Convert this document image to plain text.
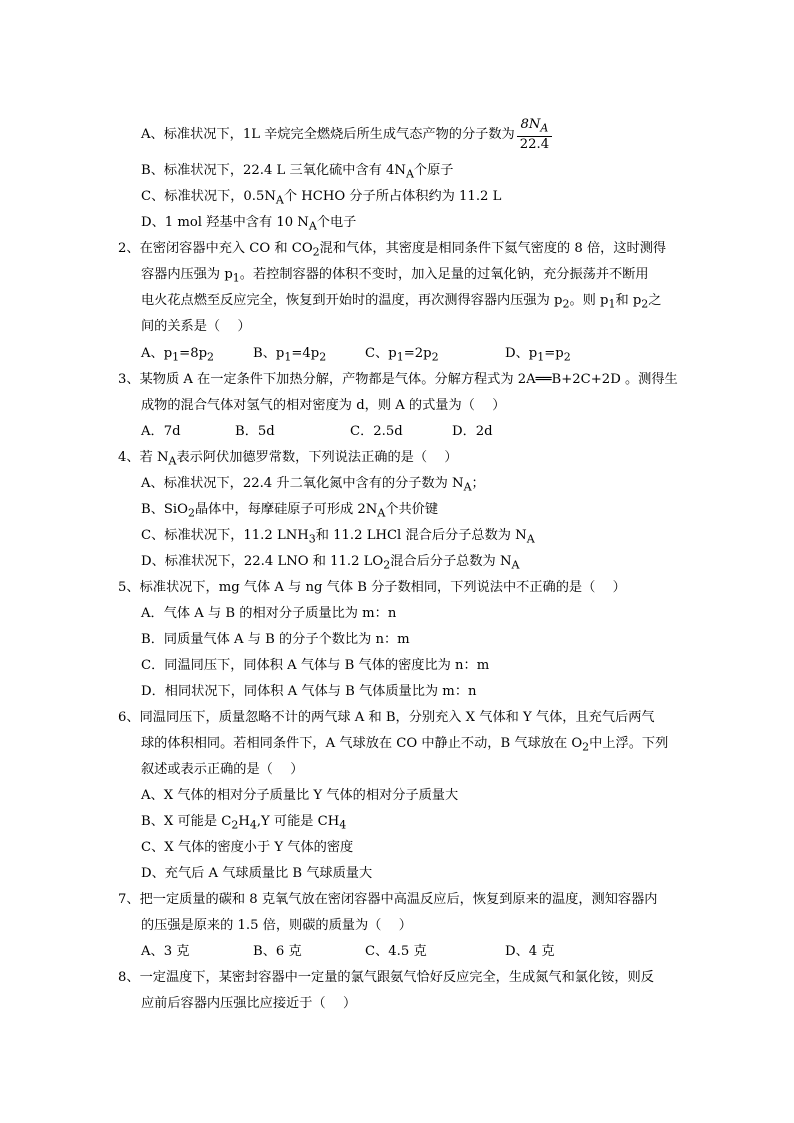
A、标准状况下，1L 辛烷完全燃烧后所生成气态产物的分子数为 $\frac{8N_A}{22.4}$
B、标准状况下，22.4 L 三氧化硫中含有 $4N_A$个原子
C、标准状况下，$0.5N_A$个 HCHO 分子所占体积约为 11.2 L
D、1 mol 羟基中含有 10 $N_A$个电子
2、在密闭容器中充入 CO 和 $CO_2$混和气体，其密度是相同条件下氦气密度的 8 倍，这时测得
容器内压强为 $p_1$。若控制容器的体积不变时，加入足量的过氧化钠，充分振荡并不断用
电火花点燃至反应完全，恢复到开始时的温度，再次测得容器内压强为 $p_2$。则 $p_1$和 $p_2$之
间的关系是（　 ）
A、$p_1=8p_2$	B、$p_1=4p_2$	C、$p_1=2p_2$	D、$p_1=p_2$
3、某物质 A 在一定条件下加热分解，产物都是气体。分解方程式为 2A══B+2C+2D 。测得生
成物的混合气体对氢气的相对密度为 d，则 A 的式量为（　 ）
A．7d	B．5d	C．2.5d	D．2d
4、若 $N_A$表示阿伏加德罗常数，下列说法正确的是（　 ）
A、标准状况下，22.4 升二氧化氮中含有的分子数为 $N_A$；
B、SiO$_2$晶体中，每摩硅原子可形成 $2N_A$个共价键
C、标准状况下，11.2 $LNH_3$和 11.2 LHCl 混合后分子总数为 $N_A$
D、标准状况下，22.4 LNO 和 11.2 $LO_2$混合后分子总数为 $N_A$
5、标准状况下，mg 气体 A 与 ng 气体 B 分子数相同，下列说法中不正确的是（　 ）
A．气体 A 与 B 的相对分子质量比为 m：n
B．同质量气体 A 与 B 的分子个数比为 n：m
C．同温同压下，同体积 A 气体与 B 气体的密度比为 n：m
D．相同状况下，同体积 A 气体与 B 气体质量比为 m：n
6、同温同压下，质量忽略不计的两气球 A 和 B，分别充入 X 气体和 Y 气体，且充气后两气
球的体积相同。若相同条件下，A 气球放在 CO 中静止不动，B 气球放在 $O_2$中上浮。下列
叙述或表示正确的是（　 ）
A、X 气体的相对分子质量比 Y 气体的相对分子质量大
B、X 可能是 $C_2H_4,Y$ 可能是 $CH_4$
C、X 气体的密度小于 Y 气体的密度
D、充气后 A 气球质量比 B 气球质量大
7、把一定质量的碳和 8 克氧气放在密闭容器中高温反应后，恢复到原来的温度，测知容器内
的压强是原来的 1.5 倍，则碳的质量为（　 ）
A、3 克	B、6 克	C、4.5 克	D、4 克
8、一定温度下，某密封容器中一定量的氯气跟氨气恰好反应完全，生成氮气和氯化铵，则反
应前后容器内压强比应接近于（　 ）
